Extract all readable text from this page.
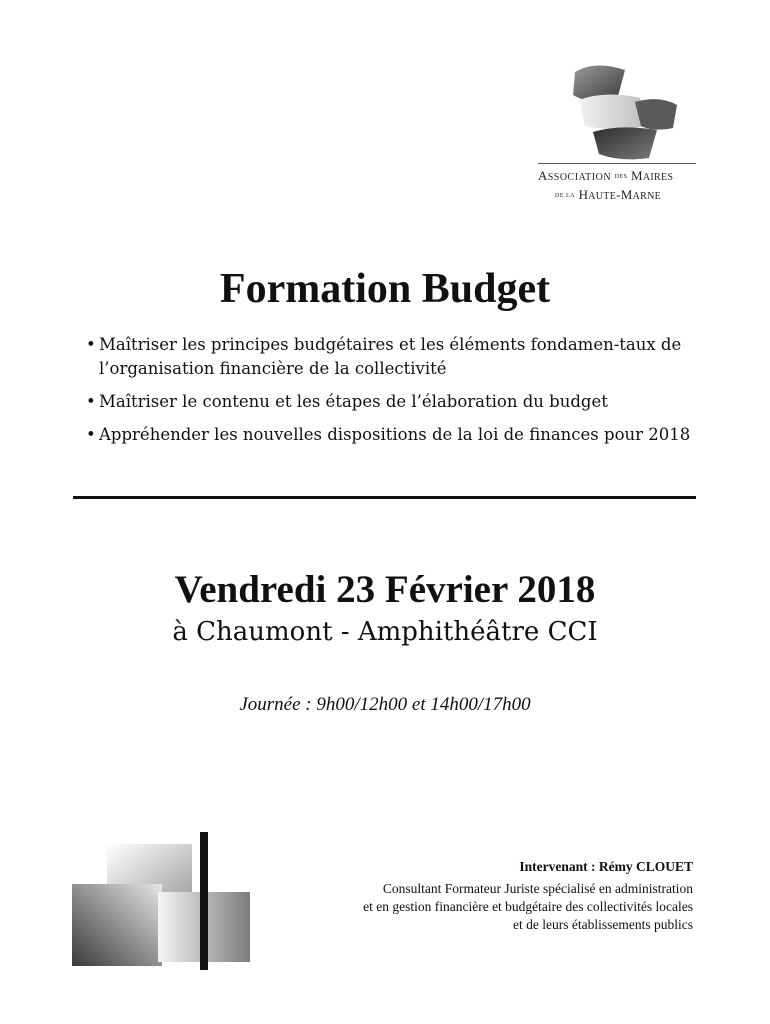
ASSOCIATION DES MAIRES
DE LA HAUTE-MARNE
Formation Budget
• Maîtriser les principes budgétaires et les éléments fondamen-taux de l’organisation financière de la collectivité
• Maîtriser le contenu et les étapes de l’élaboration du budget
• Appréhender les nouvelles dispositions de la loi de finances pour 2018
Vendredi 23 Février 2018
à Chaumont - Amphithéâtre CCI
Journée : 9h00/12h00 et 14h00/17h00
Intervenant : Rémy CLOUET
Consultant Formateur Juriste spécialisé en administration
et en gestion financière et budgétaire des collectivités locales
et de leurs établissements publics
